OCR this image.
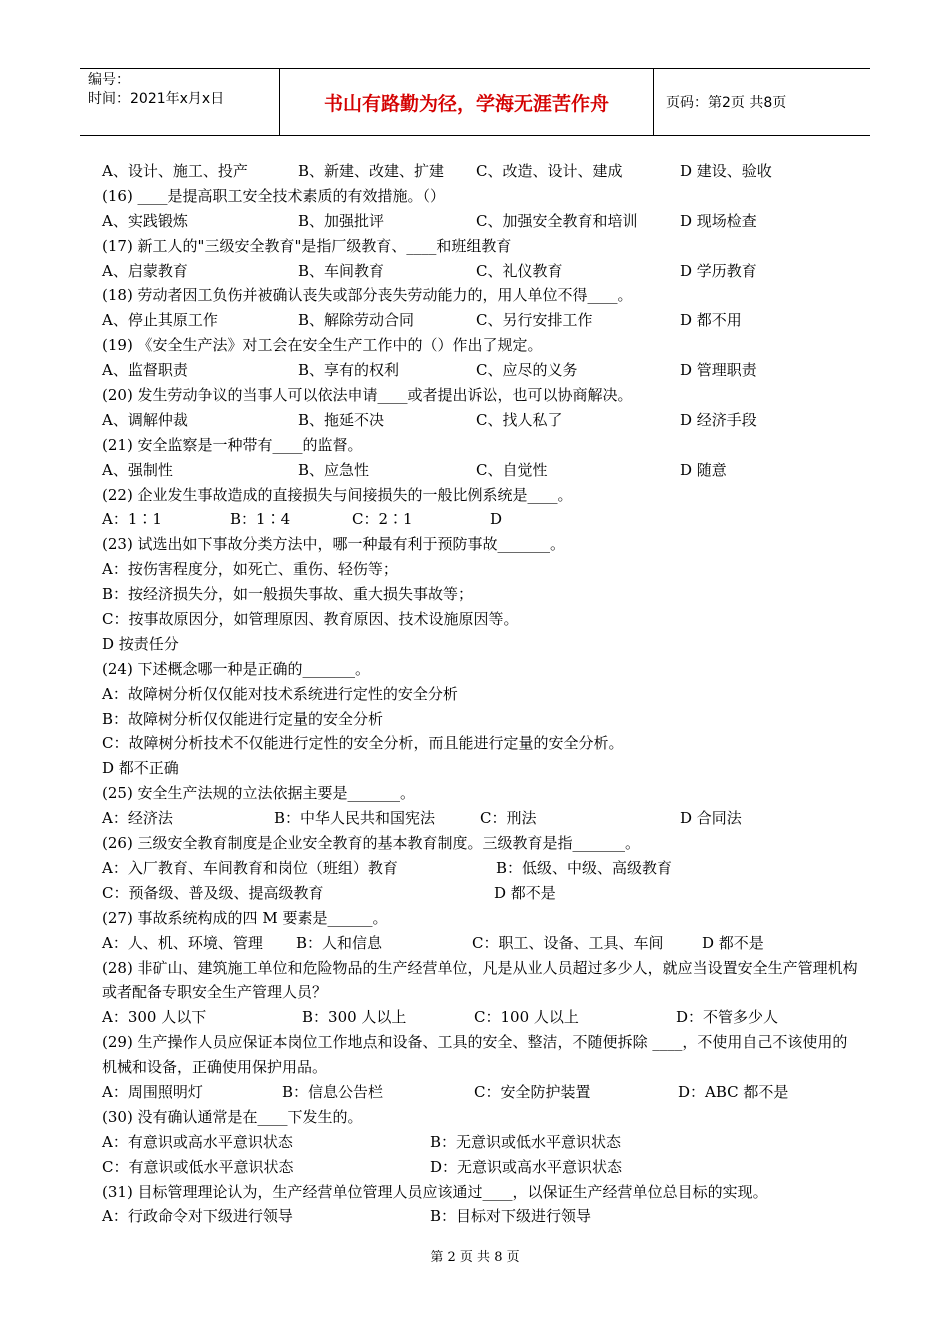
编号：
时间：2021年x月x日	书山有路勤为径，学海无涯苦作舟	页码：第2页 共8页
A、设计、施工、投产	B、新建、改建、扩建 C、改造、设计、建成	D 建设、验收
(16) ____是提高职工安全技术素质的有效措施。（）
A、实践锻炼	B、加强批评	C、加强安全教育和培训	D 现场检查
(17) 新工人的"三级安全教育"是指厂级教育、____和班组教育
A、启蒙教育	B、车间教育	C、礼仪教育	D 学历教育
(18) 劳动者因工负伤并被确认丧失或部分丧失劳动能力的，用人单位不得____。
A、停止其原工作	B、解除劳动合同	C、另行安排工作	D 都不用
(19) 《安全生产法》对工会在安全生产工作中的（）作出了规定。
A、监督职责	B、享有的权利	C、应尽的义务	D 管理职责
(20) 发生劳动争议的当事人可以依法申请____或者提出诉讼，也可以协商解决。
A、调解仲裁	B、拖延不决	C、找人私了	D 经济手段
(21) 安全监察是一种带有____的监督。
A、强制性	B、应急性	C、自觉性	D 随意
(22) 企业发生事故造成的直接损失与间接损失的一般比例系统是____。
A：1∶1	B：1∶4	C：2∶1	D
(23) 试选出如下事故分类方法中，哪一种最有利于预防事故_______。
A：按伤害程度分，如死亡、重伤、轻伤等；
B：按经济损失分，如一般损失事故、重大损失事故等；
C：按事故原因分，如管理原因、教育原因、技术设施原因等。
D 按责任分
(24) 下述概念哪一种是正确的_______。
A：故障树分析仅仅能对技术系统进行定性的安全分析
B：故障树分析仅仅能进行定量的安全分析
C：故障树分析技术不仅能进行定性的安全分析，而且能进行定量的安全分析。
D 都不正确
(25) 安全生产法规的立法依据主要是_______。
A：经济法	B：中华人民共和国宪法	C：刑法	D 合同法
(26) 三级安全教育制度是企业安全教育的基本教育制度。三级教育是指_______。
A：入厂教育、车间教育和岗位（班组）教育	B：低级、中级、高级教育
C：预备级、普及级、提高级教育	D 都不是
(27) 事故系统构成的四 M 要素是______。
A：人、机、环境、管理 B：人和信息	C：职工、设备、工具、车间	D 都不是
(28) 非矿山、建筑施工单位和危险物品的生产经营单位，凡是从业人员超过多少人，就应当设置安全生产管理机构或者配备专职安全生产管理人员？
A：300 人以下	B：300 人以上	C：100 人以上	D：不管多少人
(29) 生产操作人员应保证本岗位工作地点和设备、工具的安全、整洁，不随便拆除 ____，不使用自己不该使用的机械和设备，正确使用保护用品。
A：周围照明灯	B：信息公告栏	C：安全防护装置	D：ABC 都不是
(30) 没有确认通常是在____下发生的。
A：有意识或高水平意识状态	B：无意识或低水平意识状态
C：有意识或低水平意识状态	D：无意识或高水平意识状态
(31) 目标管理理论认为，生产经营单位管理人员应该通过____，以保证生产经营单位总目标的实现。
A：行政命令对下级进行领导	B：目标对下级进行领导
第 2 页 共 8 页
